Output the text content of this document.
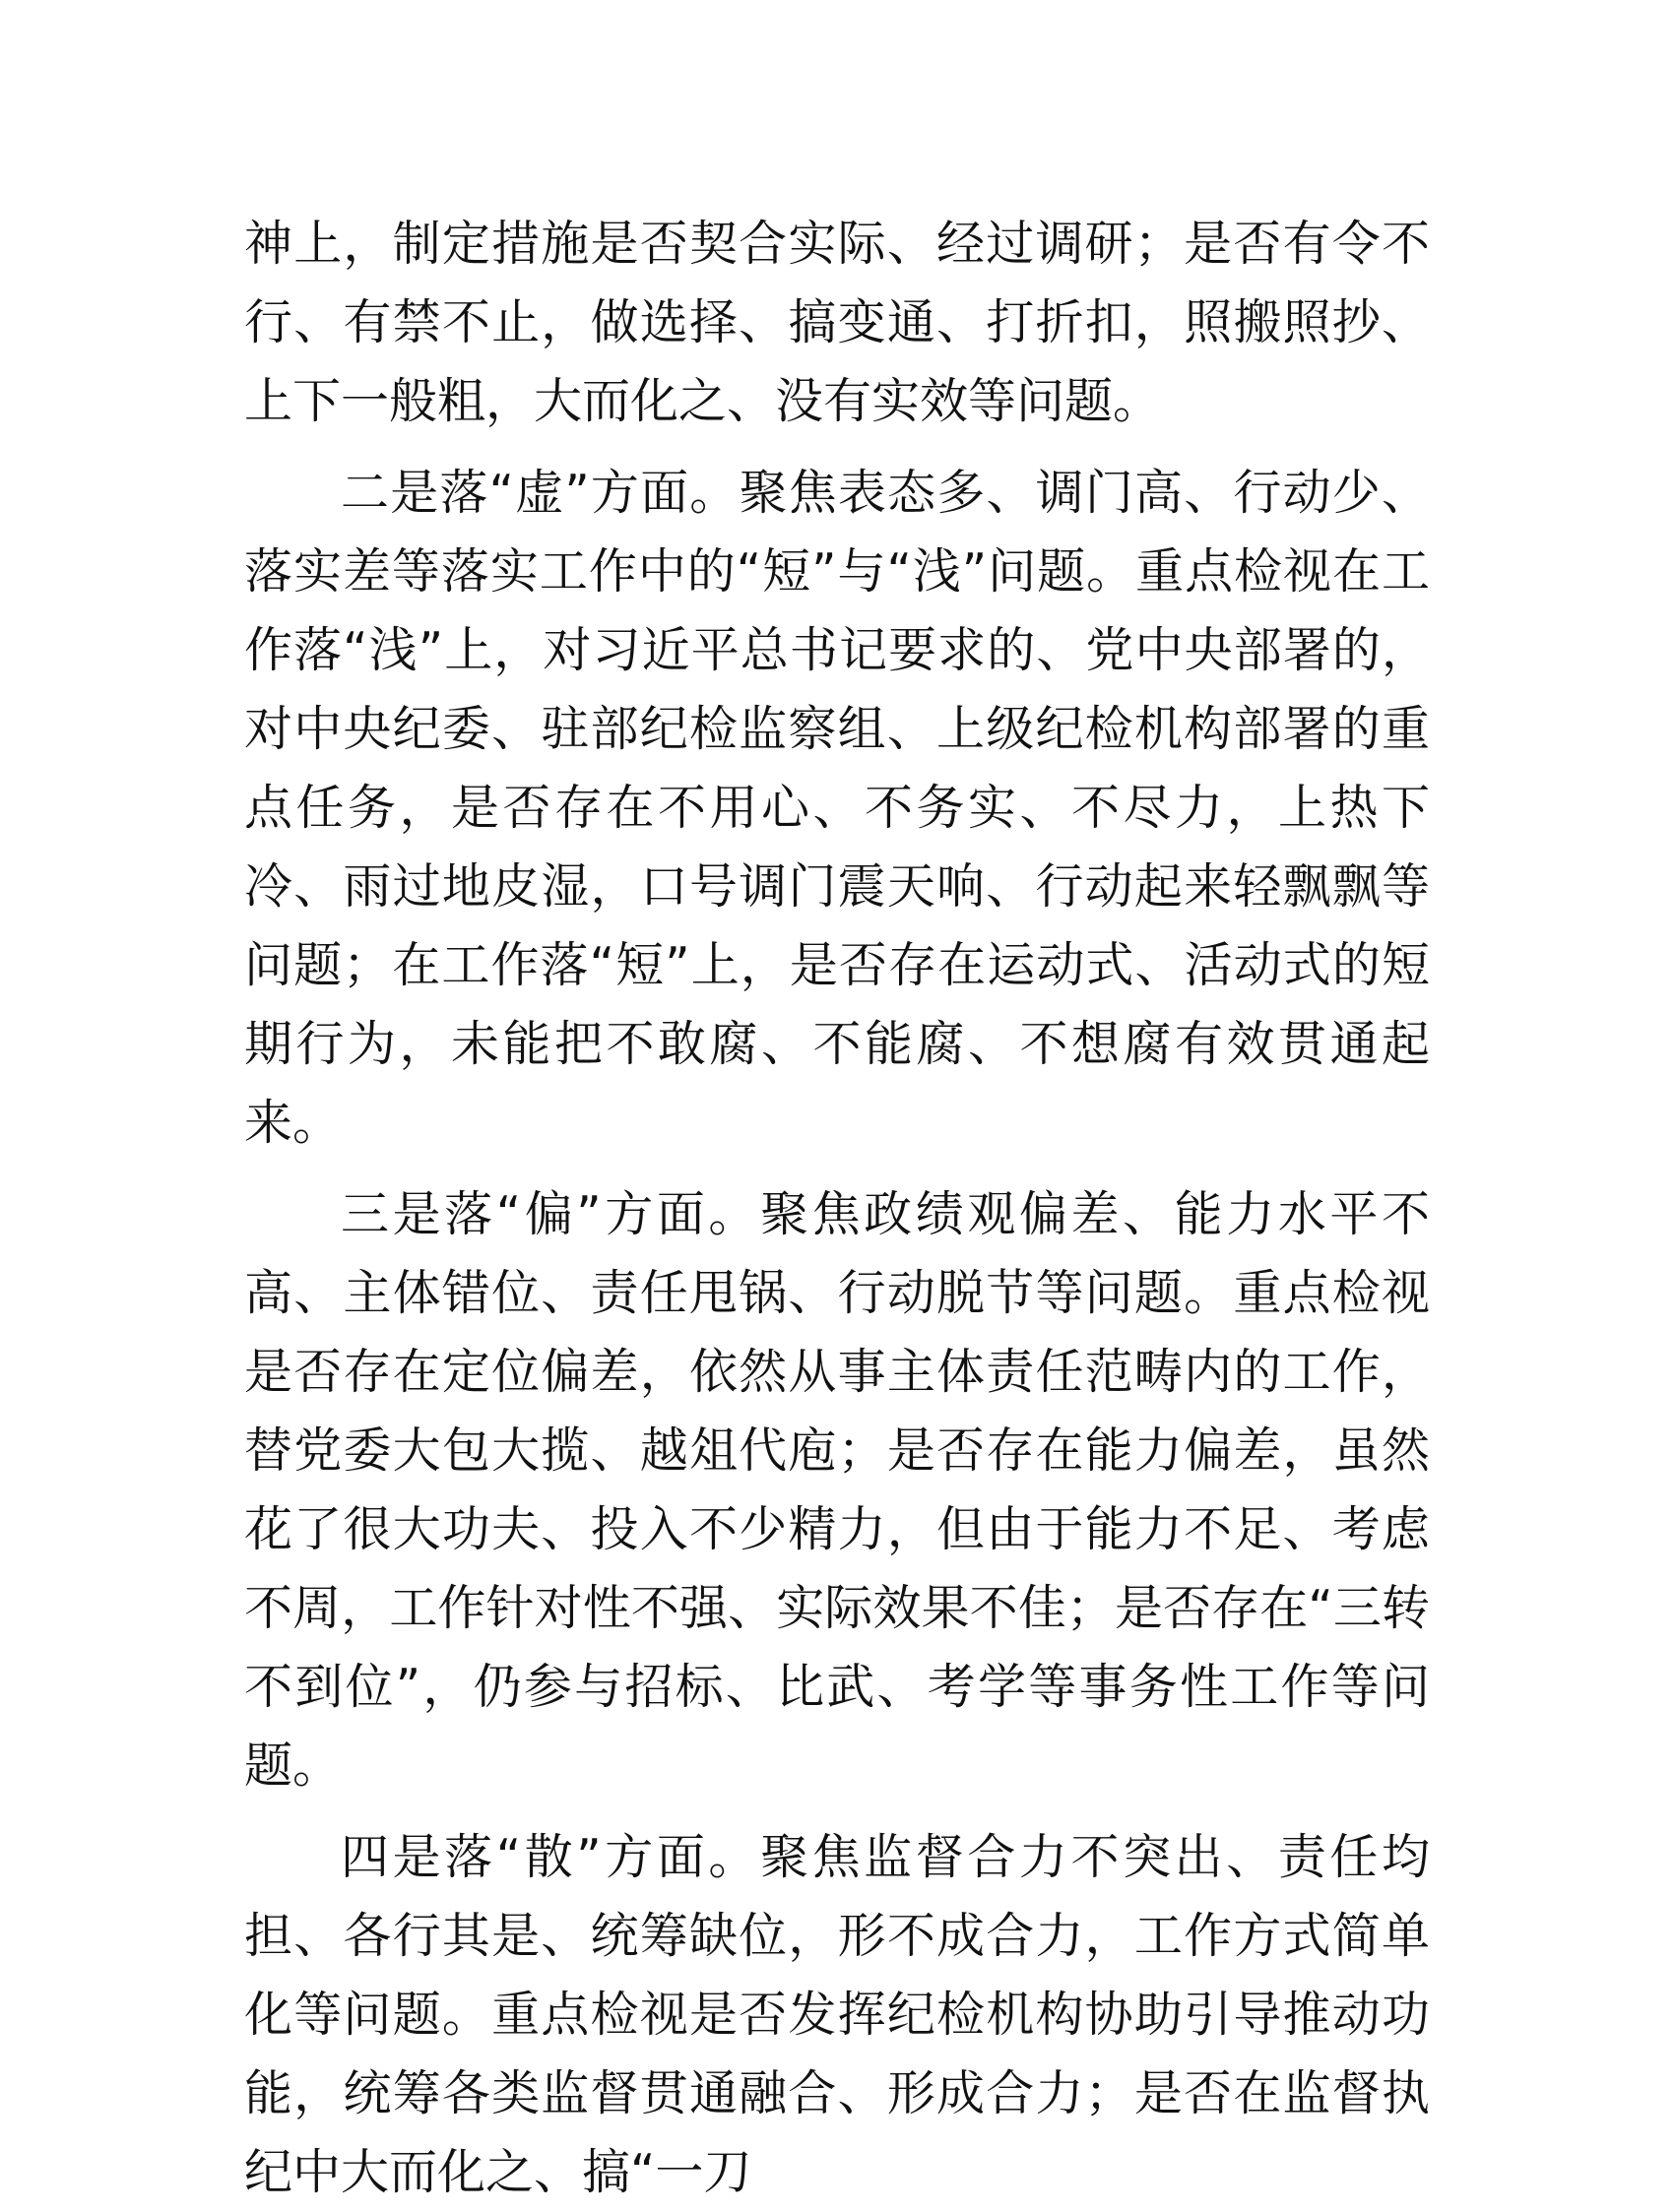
神上，制定措施是否契合实际、经过调研；是否有令不行、有禁不止，做选择、搞变通、打折扣，照搬照抄、上下一般粗，大而化之、没有实效等问题。

二是落“虚”方面。聚焦表态多、调门高、行动少、落实差等落实工作中的“短”与“浅”问题。重点检视在工作落“浅”上，对习近平总书记要求的、党中央部署的，对中央纪委、驻部纪检监察组、上级纪检机构部署的重点任务，是否存在不用心、不务实、不尽力，上热下冷、雨过地皮湿，口号调门震天响、行动起来轻飘飘等问题；在工作落“短”上，是否存在运动式、活动式的短期行为，未能把不敢腐、不能腐、不想腐有效贯通起来。

三是落“偏”方面。聚焦政绩观偏差、能力水平不高、主体错位、责任甩锅、行动脱节等问题。重点检视是否存在定位偏差，依然从事主体责任范畴内的工作，替党委大包大揽、越俎代庖；是否存在能力偏差，虽然花了很大功夫、投入不少精力，但由于能力不足、考虑不周，工作针对性不强、实际效果不佳；是否存在“三转不到位”，仍参与招标、比武、考学等事务性工作等问题。

四是落“散”方面。聚焦监督合力不突出、责任均担、各行其是、统筹缺位，形不成合力，工作方式简单化等问题。重点检视是否发挥纪检机构协助引导推动功能，统筹各类监督贯通融合、形成合力；是否在监督执纪中大而化之、搞“一刀
